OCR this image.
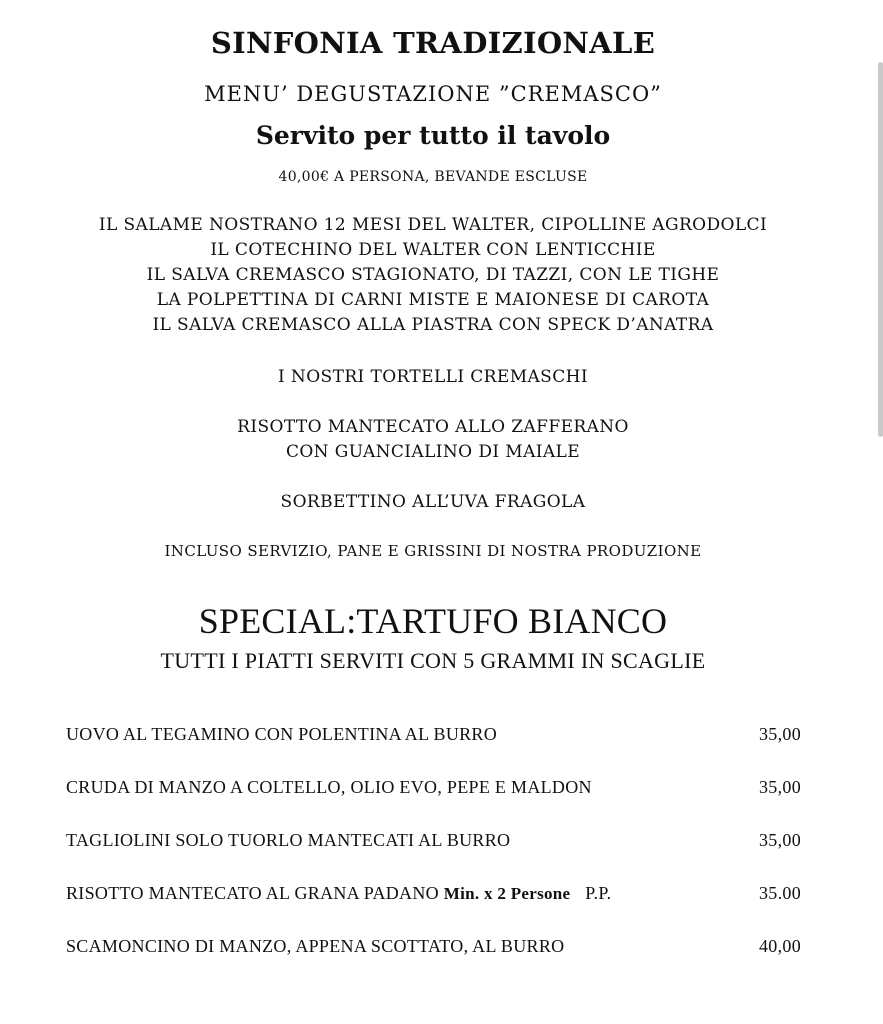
SINFONIA TRADIZIONALE
MENU’ DEGUSTAZIONE ”CREMASCO”
Servito per tutto il tavolo
40,00€ A PERSONA, BEVANDE ESCLUSE
IL SALAME NOSTRANO 12 MESI DEL WALTER, CIPOLLINE AGRODOLCI
IL COTECHINO DEL WALTER CON LENTICCHIE
IL SALVA CREMASCO STAGIONATO, DI TAZZI, CON LE TIGHE
LA POLPETTINA DI CARNI MISTE E MAIONESE DI CAROTA
IL SALVA CREMASCO ALLA PIASTRA CON SPECK D’ANATRA
I NOSTRI TORTELLI CREMASCHI
RISOTTO MANTECATO ALLO ZAFFERANO
CON GUANCIALINO DI MAIALE
SORBETTINO ALL’UVA FRAGOLA
INCLUSO SERVIZIO, PANE E GRISSINI DI NOSTRA PRODUZIONE
SPECIAL:TARTUFO BIANCO
TUTTI I PIATTI SERVITI CON 5 GRAMMI IN SCAGLIE
UOVO AL TEGAMINO CON POLENTINA AL BURRO	35,00
CRUDA DI MANZO A COLTELLO, OLIO EVO, PEPE E MALDON	35,00
TAGLIOLINI SOLO TUORLO MANTECATI AL BURRO	35,00
RISOTTO MANTECATO AL GRANA PADANO Min. x 2 Persone P.P.	35.00
SCAMONCINO DI MANZO, APPENA SCOTTATO, AL BURRO	40,00
